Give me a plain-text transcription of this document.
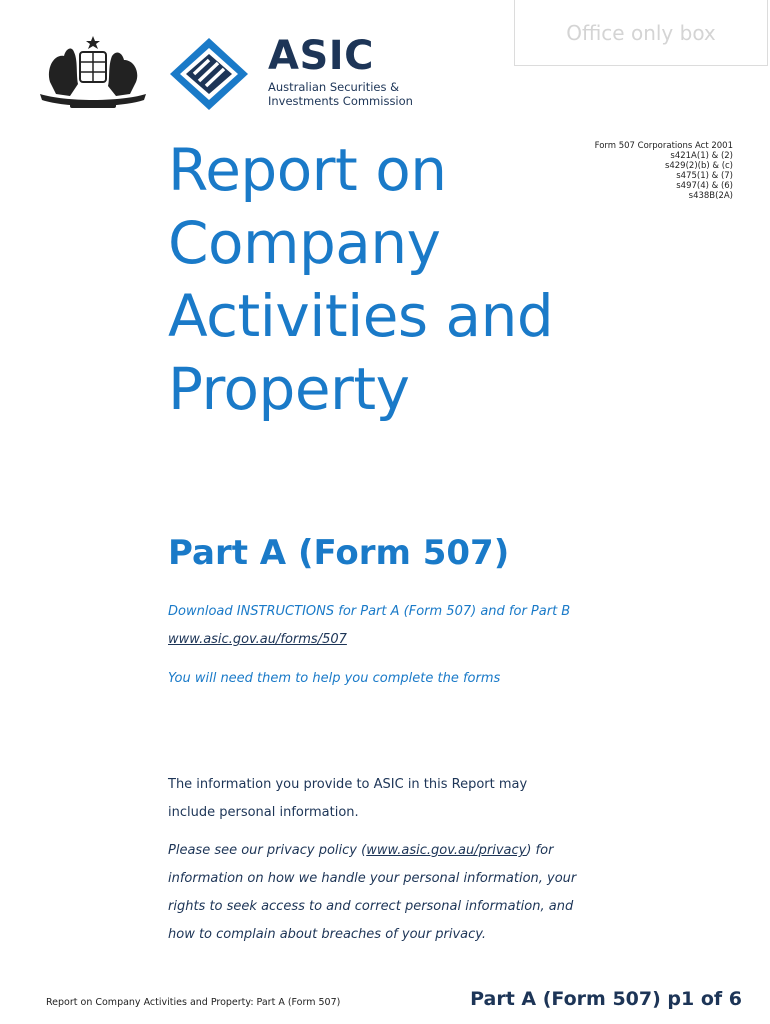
Office only box
ASIC
Australian Securities &
Investments Commission
Form 507 Corporations Act 2001
s421A(1) & (2)
s429(2)(b) & (c)
s475(1) & (7)
s497(4) & (6)
s438B(2A)
Report on
Company
Activities and
Property
Part A (Form 507)
Download INSTRUCTIONS for Part A (Form 507) and for Part B
www.asic.gov.au/forms/507
You will need them to help you complete the forms
The information you provide to ASIC in this Report may
include personal information.
Please see our privacy policy (www.asic.gov.au/privacy) for
information on how we handle your personal information, your
rights to seek access to and correct personal information, and
how to complain about breaches of your privacy.
Report on Company Activities and Property: Part A (Form 507)	Part A (Form 507) p1 of 6
